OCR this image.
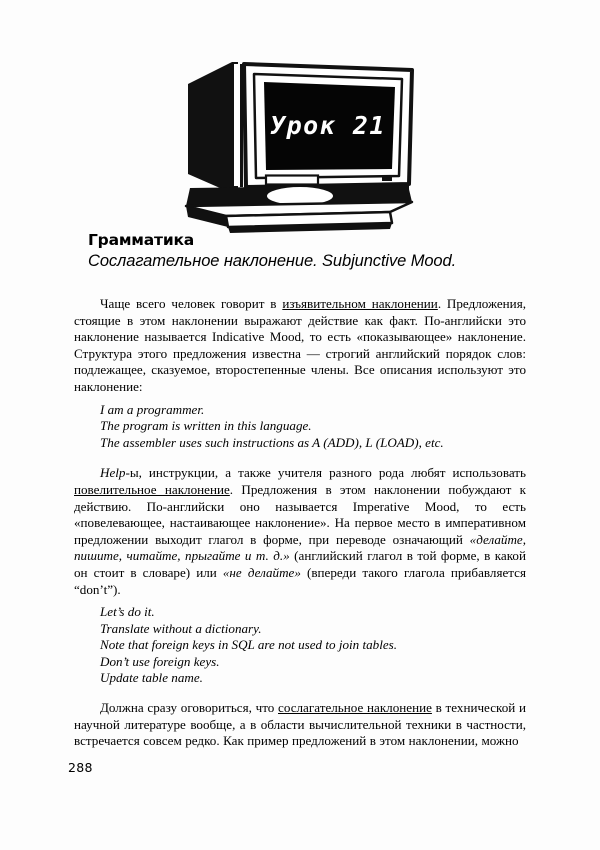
Урок 21
Грамматика
Сослагательное наклонение. Subjunctive Mood.

Чаще всего человек говорит в изъявительном наклонении. Предложения, стоящие в этом наклонении выражают действие как факт. По-английски это наклонение называется Indicative Mood, то есть «показывающее» наклонение. Структура этого предложения известна — строгий английский порядок слов: подлежащее, сказуемое, второстепенные члены. Все описания используют это наклонение:

I am a programmer.
The program is written in this language.
The assembler uses such instructions as A (ADD), L (LOAD), etc.

Help-ы, инструкции, а также учителя разного рода любят использовать повелительное наклонение. Предложения в этом наклонении побуждают к действию. По-английски оно называется Imperative Mood, то есть «повелевающее, настаивающее наклонение». На первое место в императивном предложении выходит глагол в форме, при переводе означающий «делайте, пишите, читайте, прыгайте и т. д.» (английский глагол в той форме, в какой он стоит в словаре) или «не делайте» (впереди такого глагола прибавляется “don’t”).

Let’s do it.
Translate without a dictionary.
Note that foreign keys in SQL are not used to join tables.
Don’t use foreign keys.
Update table name.

Должна сразу оговориться, что сослагательное наклонение в технической и научной литературе вообще, а в области вычислительной техники в частности, встречается совсем редко. Как пример предложений в этом наклонении, можно

288
